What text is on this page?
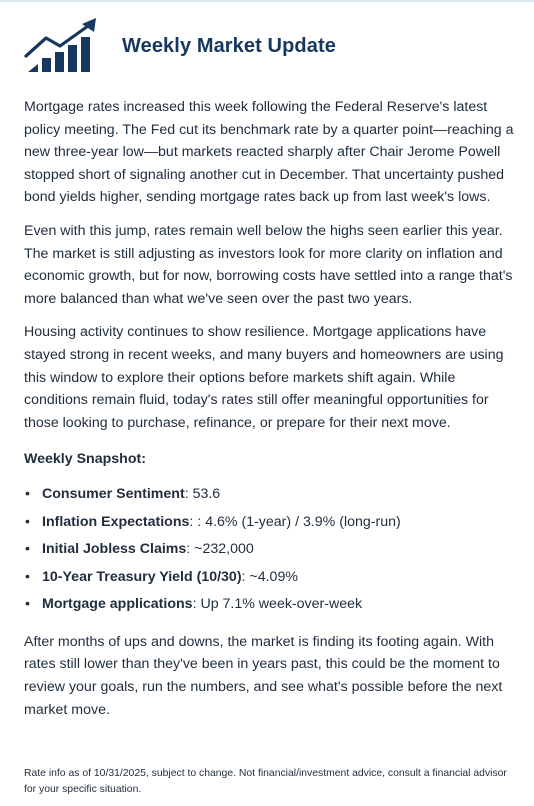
Weekly Market Update

Mortgage rates increased this week following the Federal Reserve's latest policy meeting. The Fed cut its benchmark rate by a quarter point—reaching a new three-year low—but markets reacted sharply after Chair Jerome Powell stopped short of signaling another cut in December. That uncertainty pushed bond yields higher, sending mortgage rates back up from last week's lows.

Even with this jump, rates remain well below the highs seen earlier this year. The market is still adjusting as investors look for more clarity on inflation and economic growth, but for now, borrowing costs have settled into a range that's more balanced than what we've seen over the past two years.

Housing activity continues to show resilience. Mortgage applications have stayed strong in recent weeks, and many buyers and homeowners are using this window to explore their options before markets shift again. While conditions remain fluid, today's rates still offer meaningful opportunities for those looking to purchase, refinance, or prepare for their next move.

Weekly Snapshot:
• Consumer Sentiment: 53.6
• Inflation Expectations: : 4.6% (1-year) / 3.9% (long-run)
• Initial Jobless Claims: ~232,000
• 10-Year Treasury Yield (10/30): ~4.09%
• Mortgage applications: Up 7.1% week-over-week

After months of ups and downs, the market is finding its footing again. With rates still lower than they've been in years past, this could be the moment to review your goals, run the numbers, and see what's possible before the next market move.

Rate info as of 10/31/2025, subject to change. Not financial/investment advice, consult a financial advisor for your specific situation.
